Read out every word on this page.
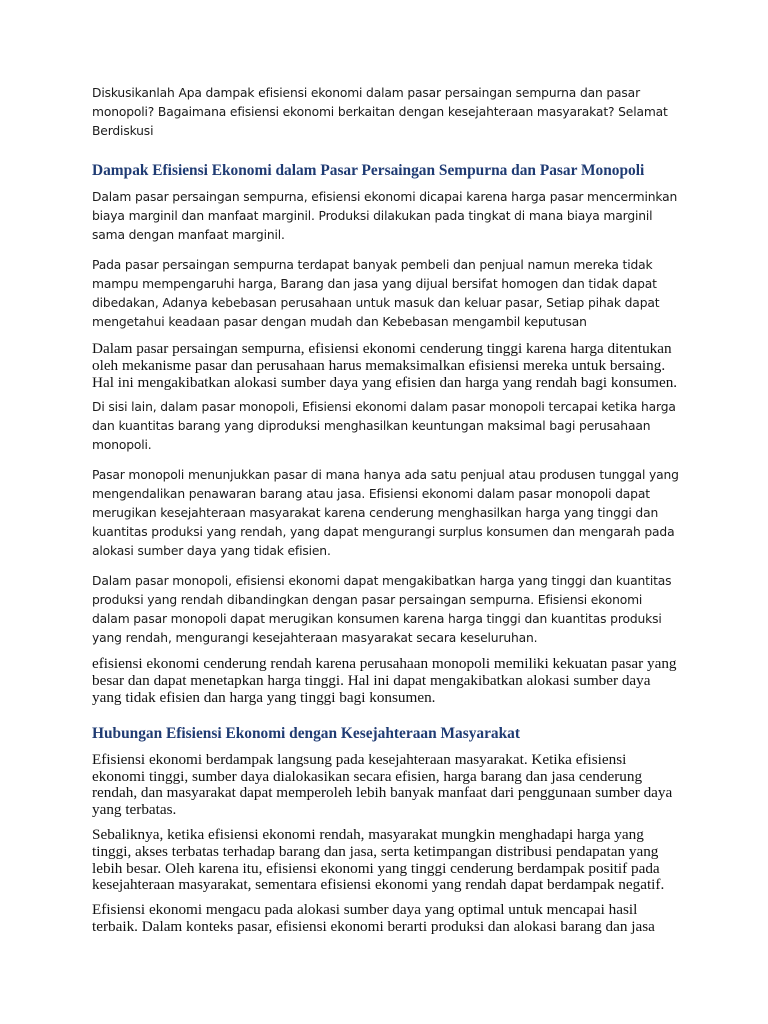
Diskusikanlah Apa dampak efisiensi ekonomi dalam pasar persaingan sempurna dan pasar monopoli? Bagaimana efisiensi ekonomi berkaitan dengan kesejahteraan masyarakat? Selamat Berdiskusi

Dampak Efisiensi Ekonomi dalam Pasar Persaingan Sempurna dan Pasar Monopoli

Dalam pasar persaingan sempurna, efisiensi ekonomi dicapai karena harga pasar mencerminkan biaya marginil dan manfaat marginil. Produksi dilakukan pada tingkat di mana biaya marginil sama dengan manfaat marginil.

Pada pasar persaingan sempurna terdapat banyak pembeli dan penjual namun mereka tidak mampu mempengaruhi harga, Barang dan jasa yang dijual bersifat homogen dan tidak dapat dibedakan, Adanya kebebasan perusahaan untuk masuk dan keluar pasar, Setiap pihak dapat mengetahui keadaan pasar dengan mudah dan Kebebasan mengambil keputusan

Dalam pasar persaingan sempurna, efisiensi ekonomi cenderung tinggi karena harga ditentukan oleh mekanisme pasar dan perusahaan harus memaksimalkan efisiensi mereka untuk bersaing. Hal ini mengakibatkan alokasi sumber daya yang efisien dan harga yang rendah bagi konsumen.

Di sisi lain, dalam pasar monopoli, Efisiensi ekonomi dalam pasar monopoli tercapai ketika harga dan kuantitas barang yang diproduksi menghasilkan keuntungan maksimal bagi perusahaan monopoli.

Pasar monopoli menunjukkan pasar di mana hanya ada satu penjual atau produsen tunggal yang mengendalikan penawaran barang atau jasa. Efisiensi ekonomi dalam pasar monopoli dapat merugikan kesejahteraan masyarakat karena cenderung menghasilkan harga yang tinggi dan kuantitas produksi yang rendah, yang dapat mengurangi surplus konsumen dan mengarah pada alokasi sumber daya yang tidak efisien.

Dalam pasar monopoli, efisiensi ekonomi dapat mengakibatkan harga yang tinggi dan kuantitas produksi yang rendah dibandingkan dengan pasar persaingan sempurna. Efisiensi ekonomi dalam pasar monopoli dapat merugikan konsumen karena harga tinggi dan kuantitas produksi yang rendah, mengurangi kesejahteraan masyarakat secara keseluruhan.

efisiensi ekonomi cenderung rendah karena perusahaan monopoli memiliki kekuatan pasar yang besar dan dapat menetapkan harga tinggi. Hal ini dapat mengakibatkan alokasi sumber daya yang tidak efisien dan harga yang tinggi bagi konsumen.

Hubungan Efisiensi Ekonomi dengan Kesejahteraan Masyarakat

Efisiensi ekonomi berdampak langsung pada kesejahteraan masyarakat. Ketika efisiensi ekonomi tinggi, sumber daya dialokasikan secara efisien, harga barang dan jasa cenderung rendah, dan masyarakat dapat memperoleh lebih banyak manfaat dari penggunaan sumber daya yang terbatas.

Sebaliknya, ketika efisiensi ekonomi rendah, masyarakat mungkin menghadapi harga yang tinggi, akses terbatas terhadap barang dan jasa, serta ketimpangan distribusi pendapatan yang lebih besar. Oleh karena itu, efisiensi ekonomi yang tinggi cenderung berdampak positif pada kesejahteraan masyarakat, sementara efisiensi ekonomi yang rendah dapat berdampak negatif.

Efisiensi ekonomi mengacu pada alokasi sumber daya yang optimal untuk mencapai hasil terbaik. Dalam konteks pasar, efisiensi ekonomi berarti produksi dan alokasi barang dan jasa
